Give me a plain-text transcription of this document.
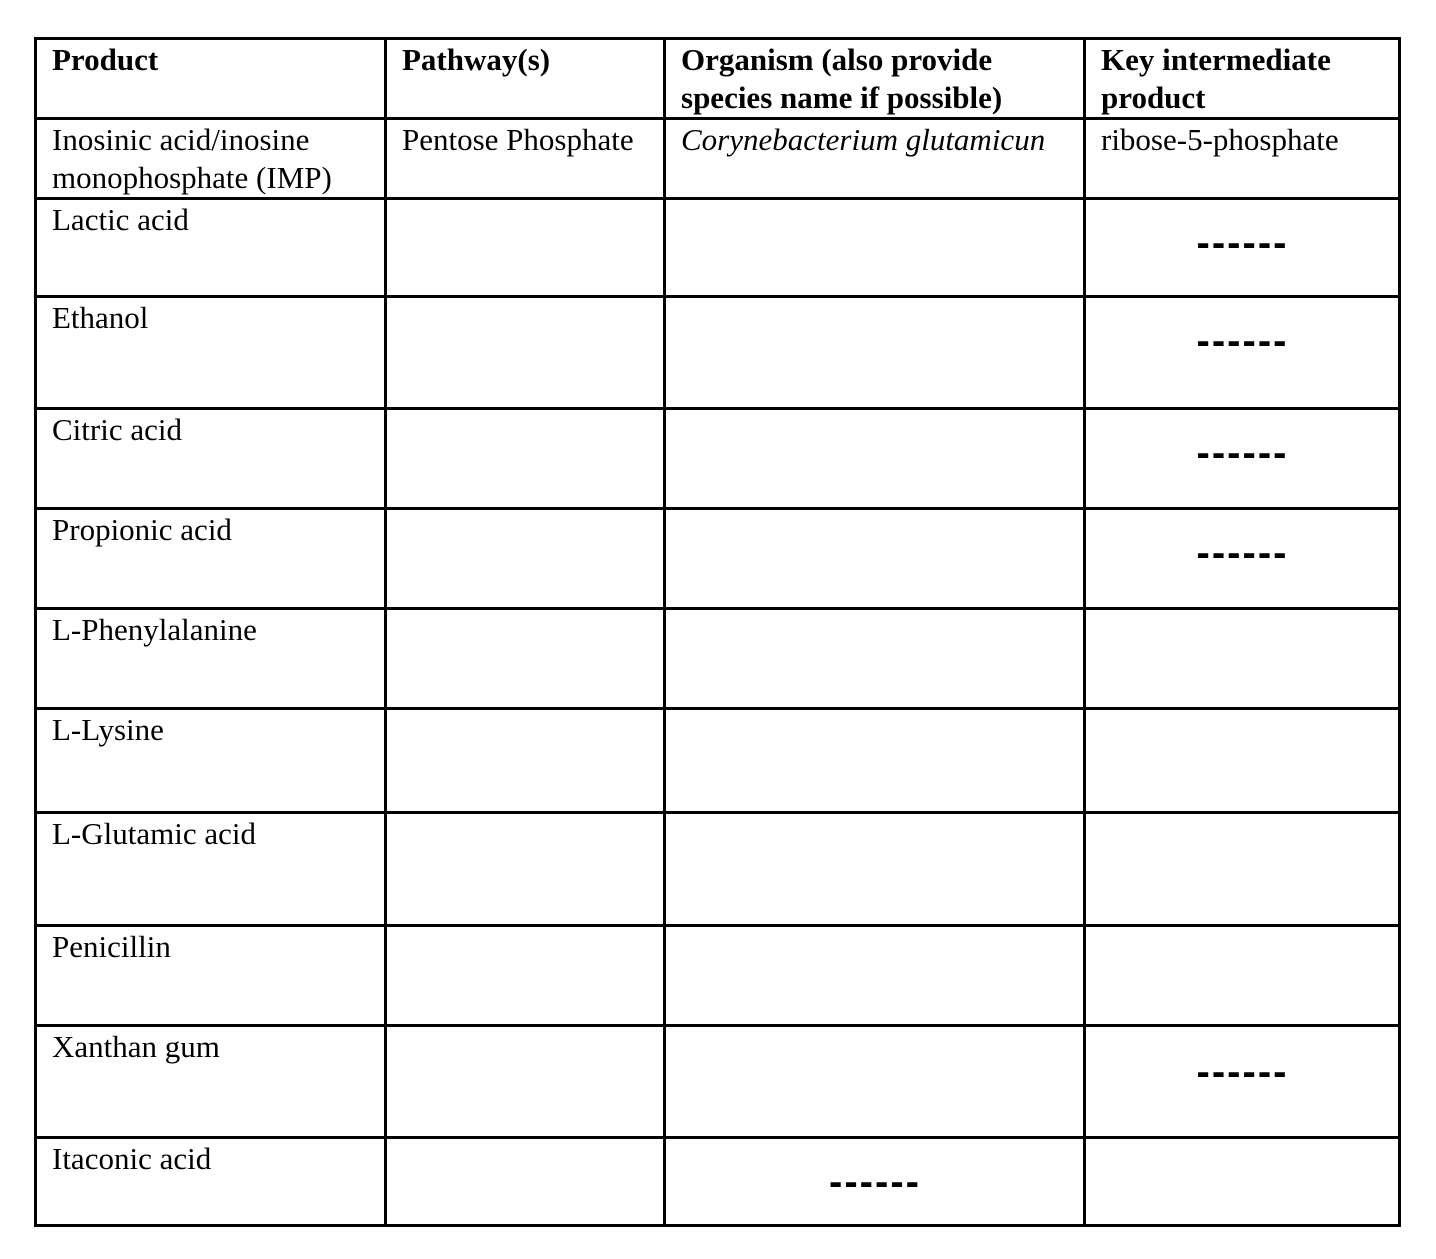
Product	Pathway(s)	Organism (also provide species name if possible)	Key intermediate product
Inosinic acid/inosine monophosphate (IMP)	Pentose Phosphate	Corynebacterium glutamicun	ribose-5-phosphate
Lactic acid			------
Ethanol			------
Citric acid			------
Propionic acid			------
L-Phenylalanine			
L-Lysine			
L-Glutamic acid			
Penicillin			
Xanthan gum			------
Itaconic acid		------	
